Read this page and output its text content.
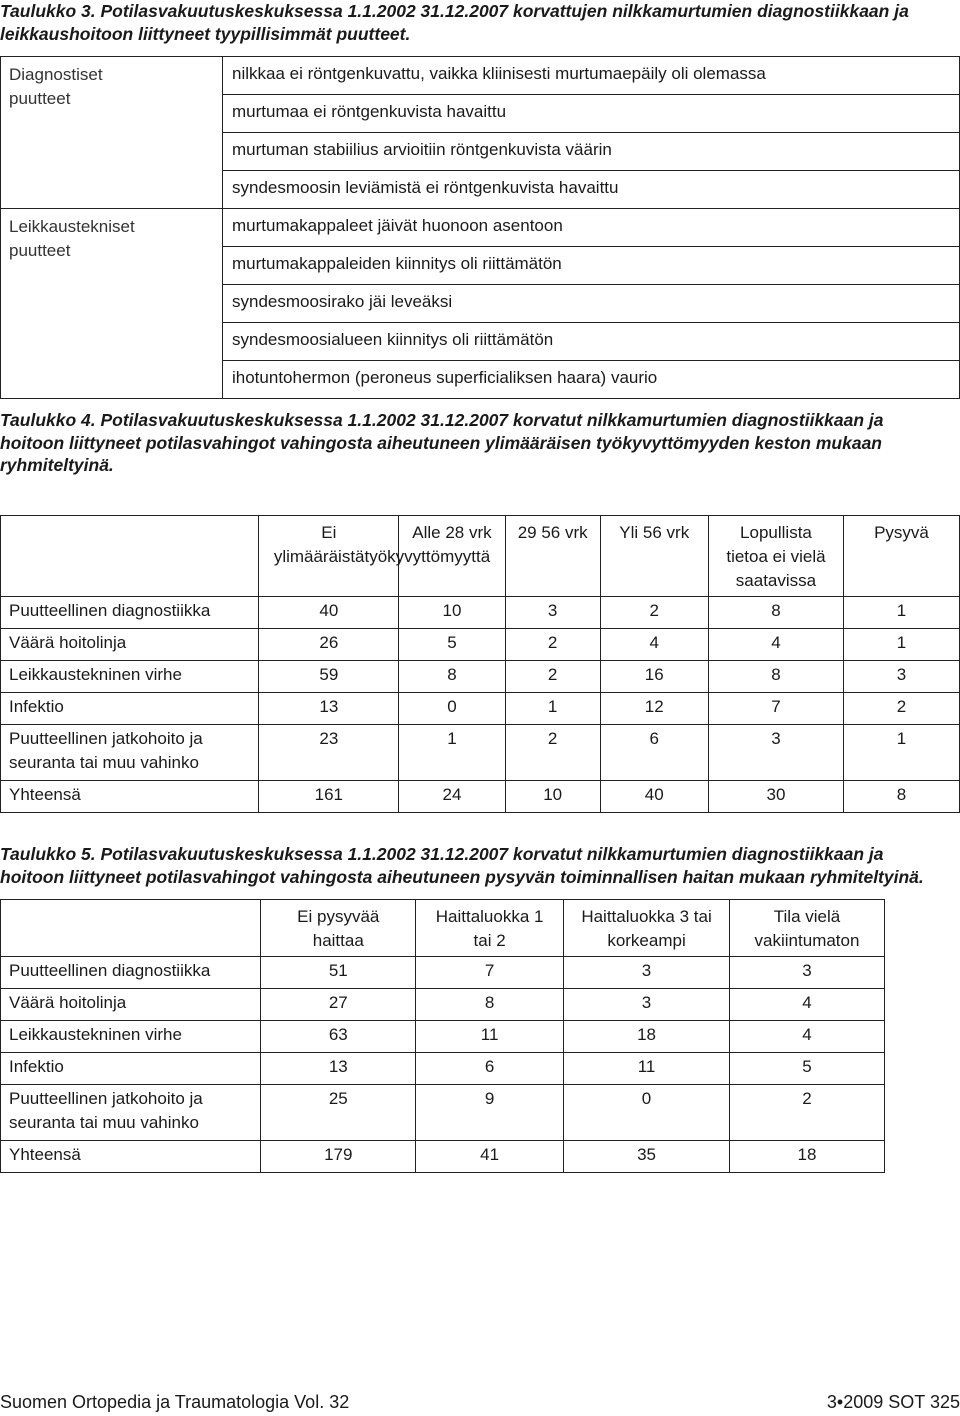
Taulukko 3. Potilasvakuutuskeskuksessa 1.1.2002 31.12.2007 korvattujen nilkkamurtumien diagnostiikkaan ja leikkaushoitoon liittyneet tyypillisimmät puutteet.

Diagnostiset puutteet	nilkkaa ei röntgenkuvattu, vaikka kliinisesti murtumaepäily oli olemassa
	murtumaa ei röntgenkuvista havaittu
	murtuman stabiilius arvioitiin röntgenkuvista väärin
	syndesmoosin leviämistä ei röntgenkuvista havaittu

Leikkaustekniset puutteet	murtumakappaleet jäivät huonoon asentoon
	murtumakappaleiden kiinnitys oli riittämätön
	syndesmoosirako jäi leveäksi
	syndesmoosialueen kiinnitys oli riittämätön
	ihotuntohermon (peroneus superficialiksen haara) vaurio

Taulukko 4. Potilasvakuutuskeskuksessa 1.1.2002 31.12.2007 korvatut nilkkamurtumien diagnostiikkaan ja hoitoon liittyneet potilasvahingot vahingosta aiheutuneen ylimääräisen työkyvyttömyyden keston mukaan ryhmiteltyinä.

	Ei ylimääräistätyökyvyttömyyttä	Alle 28 vrk	29 56 vrk	Yli 56 vrk	Lopullista tietoa ei vielä saatavissa	Pysyvä
Puutteellinen diagnostiikka	40	10	3	2	8	1
Väärä hoitolinja	26	5	2	4	4	1
Leikkaustekninen virhe	59	8	2	16	8	3
Infektio	13	0	1	12	7	2
Puutteellinen jatkohoito ja seuranta tai muu vahinko	23	1	2	6	3	1
Yhteensä	161	24	10	40	30	8

Taulukko 5. Potilasvakuutuskeskuksessa 1.1.2002 31.12.2007 korvatut nilkkamurtumien diagnostiikkaan ja hoitoon liittyneet potilasvahingot vahingosta aiheutuneen pysyvän toiminnallisen haitan mukaan ryhmiteltyinä.

	Ei pysyvää haittaa	Haittaluokka 1 tai 2	Haittaluokka 3 tai korkeampi	Tila vielä vakiintumaton

Puutteellinen diagnostiikka	51	7	3	3
Väärä hoitolinja	27	8	3	4
Leikkaustekninen virhe	63	11	18	4
Infektio	13	6	11	5
Puutteellinen jatkohoito ja seuranta tai muu vahinko	25	9	0	2
Yhteensä	179	41	35	18
Suomen Ortopedia ja Traumatologia Vol. 32	3•2009 SOT 325
